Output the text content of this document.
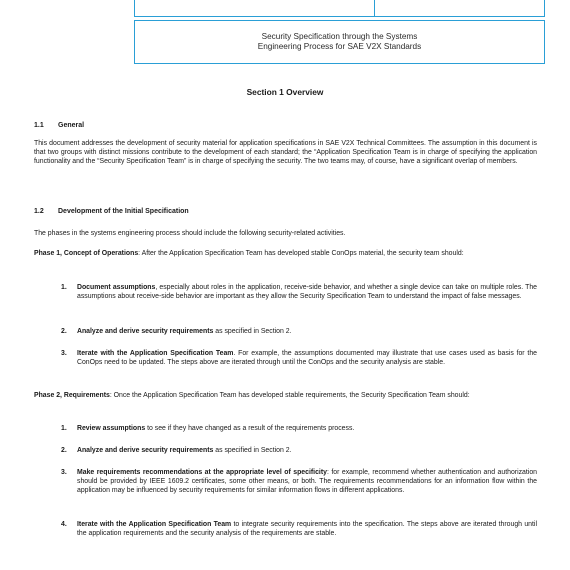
Security Specification through the Systems
Engineering Process for SAE V2X Standards
Section 1 Overview
1.1 General
This document addresses the development of security material for application specifications in SAE V2X Technical Committees. The assumption in this document is that two groups with distinct missions contribute to the development of each standard; the “Application Specification Team is in charge of specifying the application functionality and the “Security Specification Team” is in charge of specifying the security. The two teams may, of course, have a significant overlap of members.
1.2 Development of the Initial Specification
The phases in the systems engineering process should include the following security-related activities.
Phase 1, Concept of Operations: After the Application Specification Team has developed stable ConOps material, the security team should:
1. Document assumptions, especially about roles in the application, receive-side behavior, and whether a single device can take on multiple roles. The assumptions about receive-side behavior are important as they allow the Security Specification Team to understand the impact of false messages.
2. Analyze and derive security requirements as specified in Section 2.
3. Iterate with the Application Specification Team. For example, the assumptions documented may illustrate that use cases used as basis for the ConOps need to be updated. The steps above are iterated through until the ConOps and the security analysis are stable.
Phase 2, Requirements: Once the Application Specification Team has developed stable requirements, the Security Specification Team should:
1. Review assumptions to see if they have changed as a result of the requirements process.
2. Analyze and derive security requirements as specified in Section 2.
3. Make requirements recommendations at the appropriate level of specificity: for example, recommend whether authentication and authorization should be provided by IEEE 1609.2 certificates, some other means, or both. The requirements recommendations for an information flow within the application may be influenced by security requirements for similar information flows in different applications.
4. Iterate with the Application Specification Team to integrate security requirements into the specification. The steps above are iterated through until the application requirements and the security analysis of the requirements are stable.
